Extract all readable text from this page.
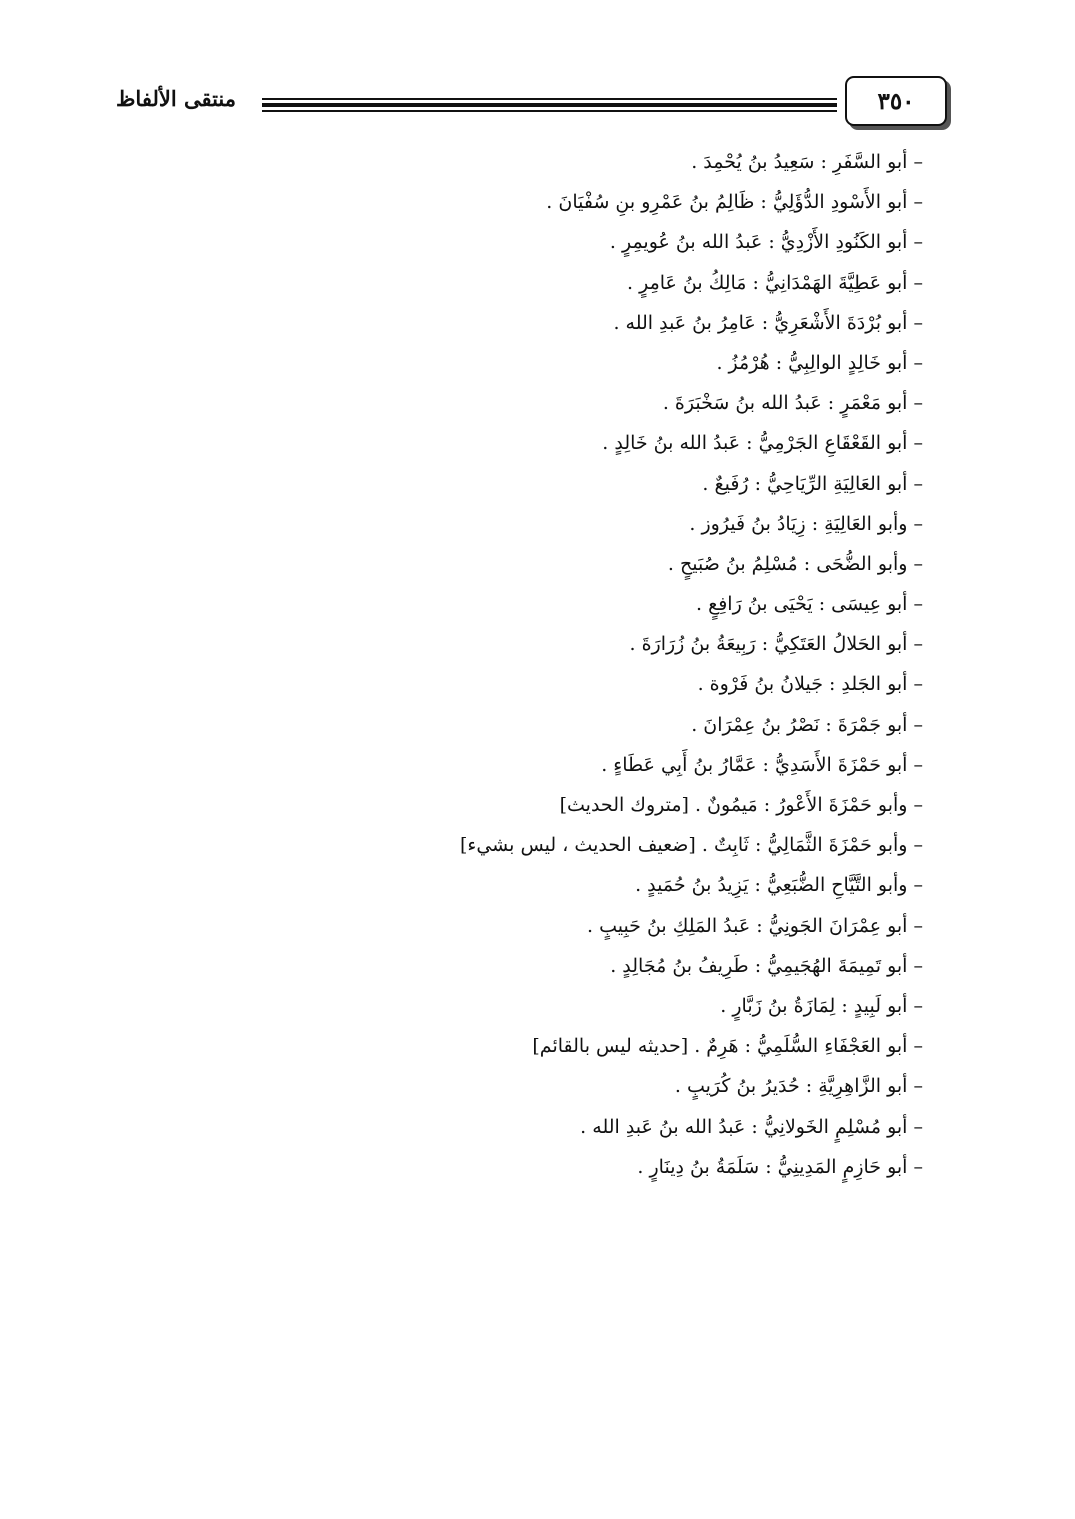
منتقى الألفاظ	٣٥٠
– أبو السَّفَرِ : سَعِيدُ بنُ يُحْمِدَ .
– أبو الأَسْودِ الدُّؤَلِيُّ : ظَالِمُ بنُ عَمْرِو بنِ سُفْيَانَ .
– أبو الكَنُودِ الأَزْدِيُّ : عَبدُ الله بنُ عُويمِرٍ .
– أبو عَطِيَّةَ الهَمْدَانِيُّ : مَالِكُ بنُ عَامِرٍ .
– أبو بُرْدَةَ الأَشْعَرِيُّ : عَامِرُ بنُ عَبدِ الله .
– أبو خَالِدٍ الوالِبِيُّ : هُرْمُزُ .
– أبو مَعْمَرٍ : عَبدُ الله بنُ سَخْبَرَةَ .
– أبو القَعْقَاعِ الجَرْمِيُّ : عَبدُ الله بنُ خَالِدٍ .
– أبو العَالِيَةِ الرِّيَاحِيُّ : رُفَيعٌ .
– وأبو العَالِيَةِ : زِيَادُ بنُ فَيرُوز .
– وأبو الضُّحَى : مُسْلِمُ بنُ صُبَيحٍ .
– أبو عِيسَى : يَحْيَى بنُ رَافِعٍ .
– أبو الحَلالُ العَتَكِيُّ : رَبِيعَةُ بنُ زُرَارَةَ .
– أبو الجَلدِ : جَيلانُ بنُ فَرْوة .
– أبو جَمْرَةَ : نَصْرُ بنُ عِمْرَانَ .
– أبو حَمْزَةَ الأَسَدِيُّ : عَمَّارُ بنُ أَبِي عَطَاءٍ .
– وأبو حَمْزَةَ الأَعْورُ : مَيمُونٌ . [متروك الحديث]
– وأبو حَمْزَةَ الثَّمَالِيُّ : ثَابِتٌ . [ضعيف الحديث ، ليس بشيء]
– وأبو التَّيَّاحِ الضُّبَعِيُّ : يَزِيدُ بنُ حُمَيدٍ .
– أبو عِمْرَانَ الجَونِيُّ : عَبدُ المَلِكِ بنُ حَبِيبٍ .
– أبو تَمِيمَةَ الهُجَيمِيُّ : طَرِيفُ بنُ مُجَالِدٍ .
– أبو لَبِيدٍ : لِمَازَةُ بنُ زَبَّارٍ .
– أبو العَجْفَاءِ السُّلَمِيُّ : هَرِمٌ . [حديثه ليس بالقائم]
– أبو الزَّاهِرِيَّةِ : حُدَيرُ بنُ كُرَيبٍ .
– أبو مُسْلِمٍ الخَولانِيُّ : عَبدُ الله بنُ عَبدِ الله .
– أبو حَازِمٍ المَدِينِيُّ : سَلَمَةُ بنُ دِينَارٍ .
